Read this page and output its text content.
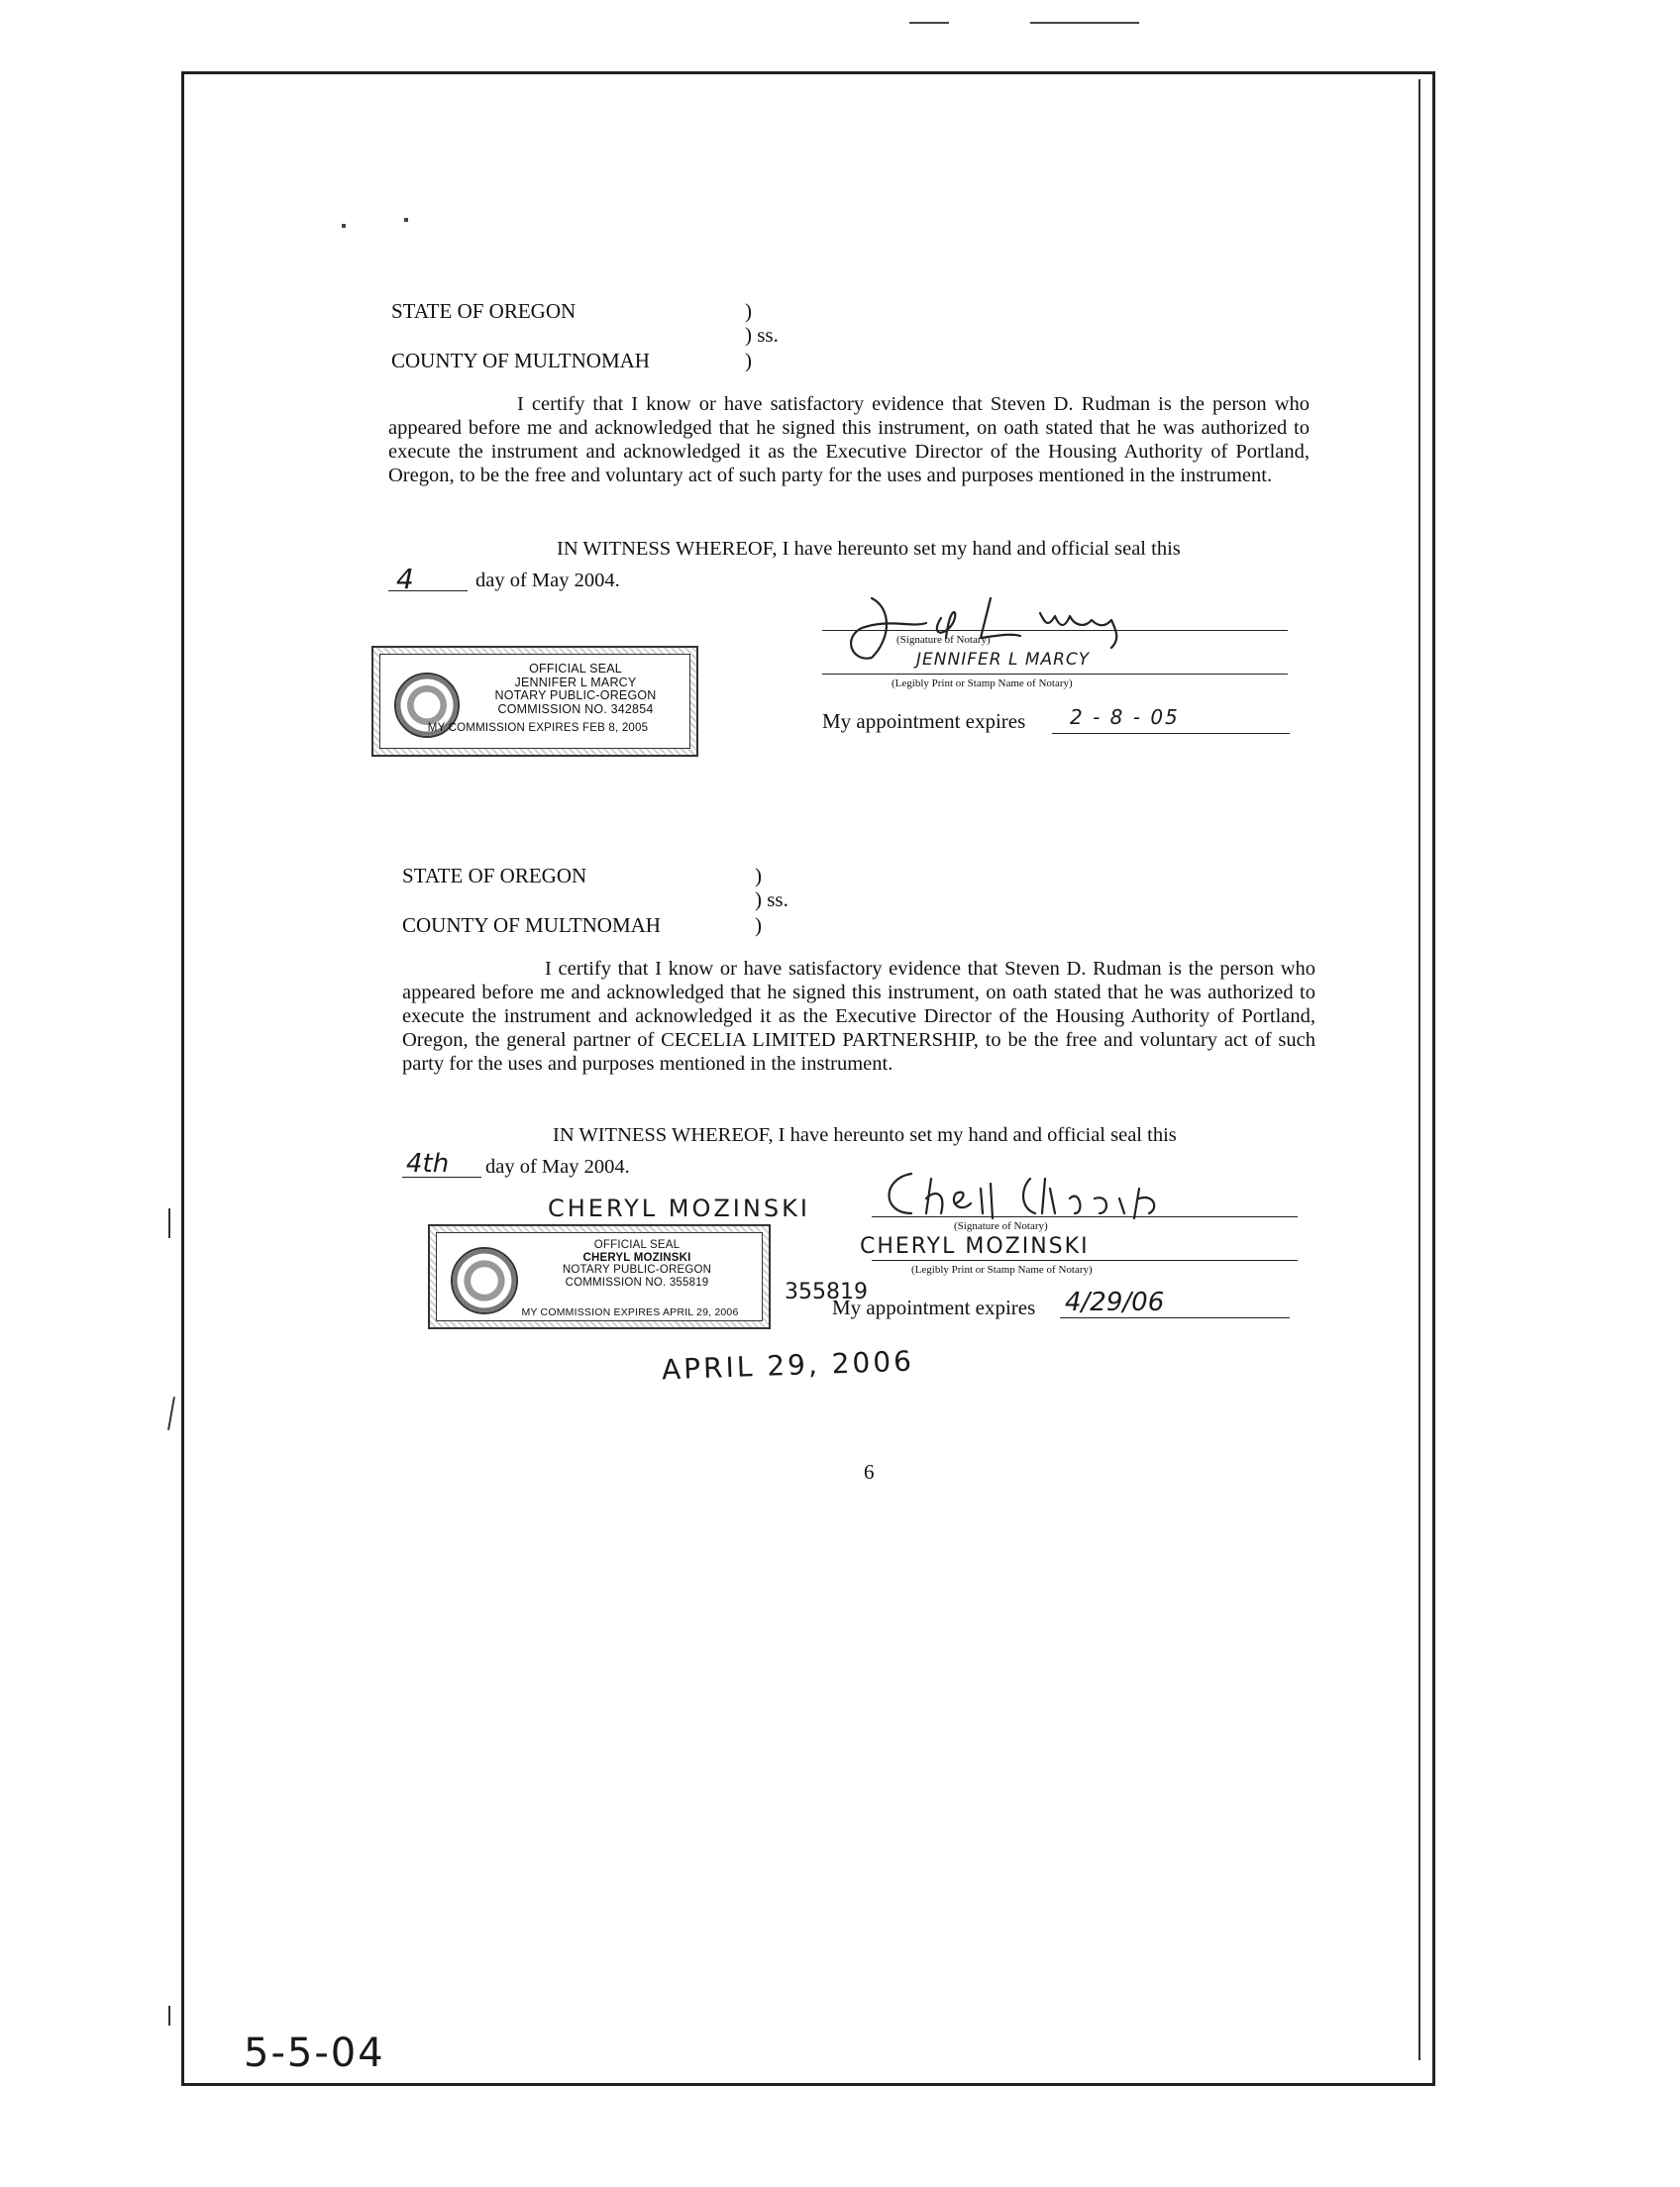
STATE OF OREGON	)
) ss.
COUNTY OF MULTNOMAH	)
I certify that I know or have satisfactory evidence that Steven D. Rudman is the person who appeared before me and acknowledged that he signed this instrument, on oath stated that he was authorized to execute the instrument and acknowledged it as the Executive Director of the Housing Authority of Portland, Oregon, to be the free and voluntary act of such party for the uses and purposes mentioned in the instrument.
IN WITNESS WHEREOF, I have hereunto set my hand and official seal this
4	day of May 2004.
(Signature of Notary)
JENNIFER L MARCY
(Legibly Print or Stamp Name of Notary)
My appointment expires 2 - 8 - 05
OFFICIAL SEAL
JENNIFER L MARCY
NOTARY PUBLIC-OREGON
COMMISSION NO. 342854
MY COMMISSION EXPIRES FEB 8, 2005
STATE OF OREGON	)
) ss.
COUNTY OF MULTNOMAH	)
I certify that I know or have satisfactory evidence that Steven D. Rudman is the person who appeared before me and acknowledged that he signed this instrument, on oath stated that he was authorized to execute the instrument and acknowledged it as the Executive Director of the Housing Authority of Portland, Oregon, the general partner of CECELIA LIMITED PARTNERSHIP, to be the free and voluntary act of such party for the uses and purposes mentioned in the instrument.
IN WITNESS WHEREOF, I have hereunto set my hand and official seal this
4th day of May 2004.
CHERYL MOZINSKI
(Signature of Notary)
CHERYL MOZINSKI
(Legibly Print or Stamp Name of Notary)
355819
My appointment expires 4/29/06
APRIL 29, 2006
OFFICIAL SEAL
CHERYL MOZINSKI
NOTARY PUBLIC-OREGON
COMMISSION NO. 355819
MY COMMISSION EXPIRES APRIL 29, 2006
6
5-5-04
